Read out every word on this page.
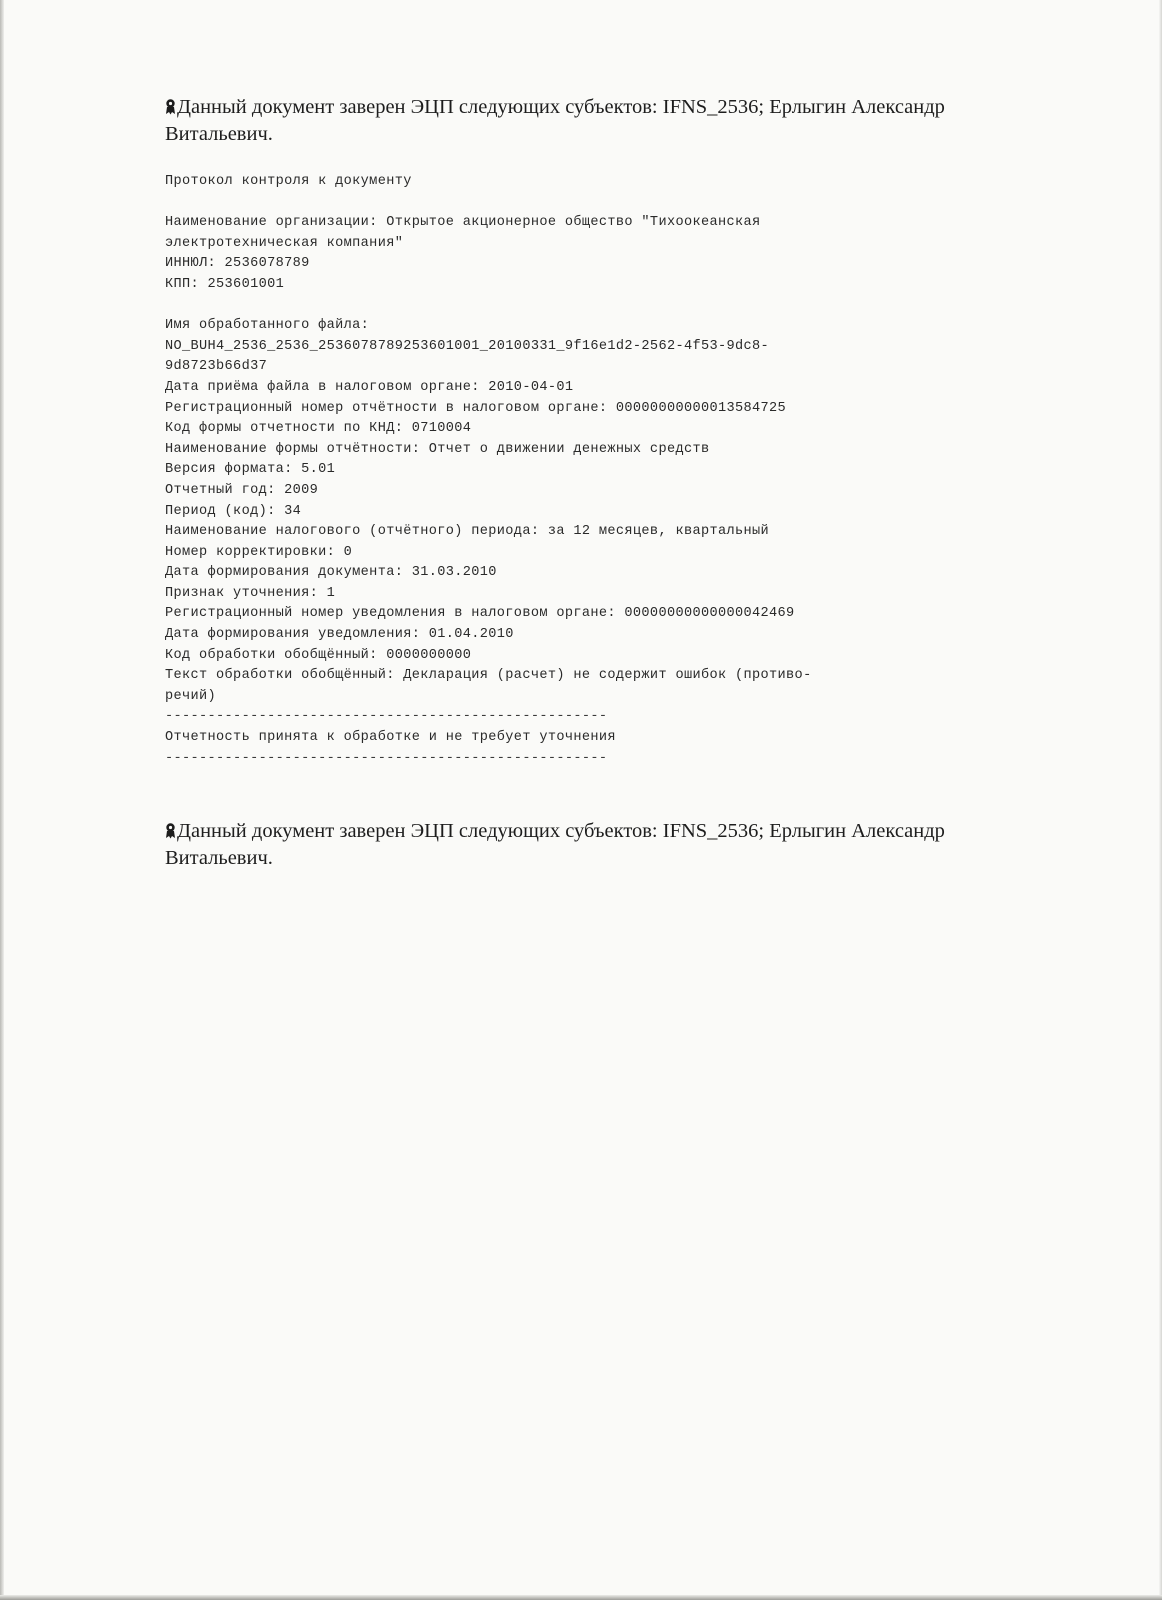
Данный документ заверен ЭЦП следующих субъектов: IFNS_2536; Ерлыгин Александр
Витальевич.
Протокол контроля к документу
Наименование организации: Открытое акционерное общество "Тихоокеанская
электротехническая компания"
ИННЮЛ: 2536078789
КПП: 253601001
Имя обработанного файла:
NO_BUH4_2536_2536_2536078789253601001_20100331_9f16e1d2-2562-4f53-9dc8-
9d8723b66d37
Дата приёма файла в налоговом органе: 2010-04-01
Регистрационный номер отчётности в налоговом органе: 00000000000013584725
Код формы отчетности по КНД: 0710004
Наименование формы отчётности: Отчет о движении денежных средств
Версия формата: 5.01
Отчетный год: 2009
Период (код): 34
Наименование налогового (отчётного) периода: за 12 месяцев, квартальный
Номер корректировки: 0
Дата формирования документа: 31.03.2010
Признак уточнения: 1
Регистрационный номер уведомления в налоговом органе: 00000000000000042469
Дата формирования уведомления: 01.04.2010
Код обработки обобщённый: 0000000000
Текст обработки обобщённый: Декларация (расчет) не содержит ошибок (противо-
речий)
----------------------------------------------------
Отчетность принята к обработке и не требует уточнения
----------------------------------------------------
Данный документ заверен ЭЦП следующих субъектов: IFNS_2536; Ерлыгин Александр
Витальевич.
